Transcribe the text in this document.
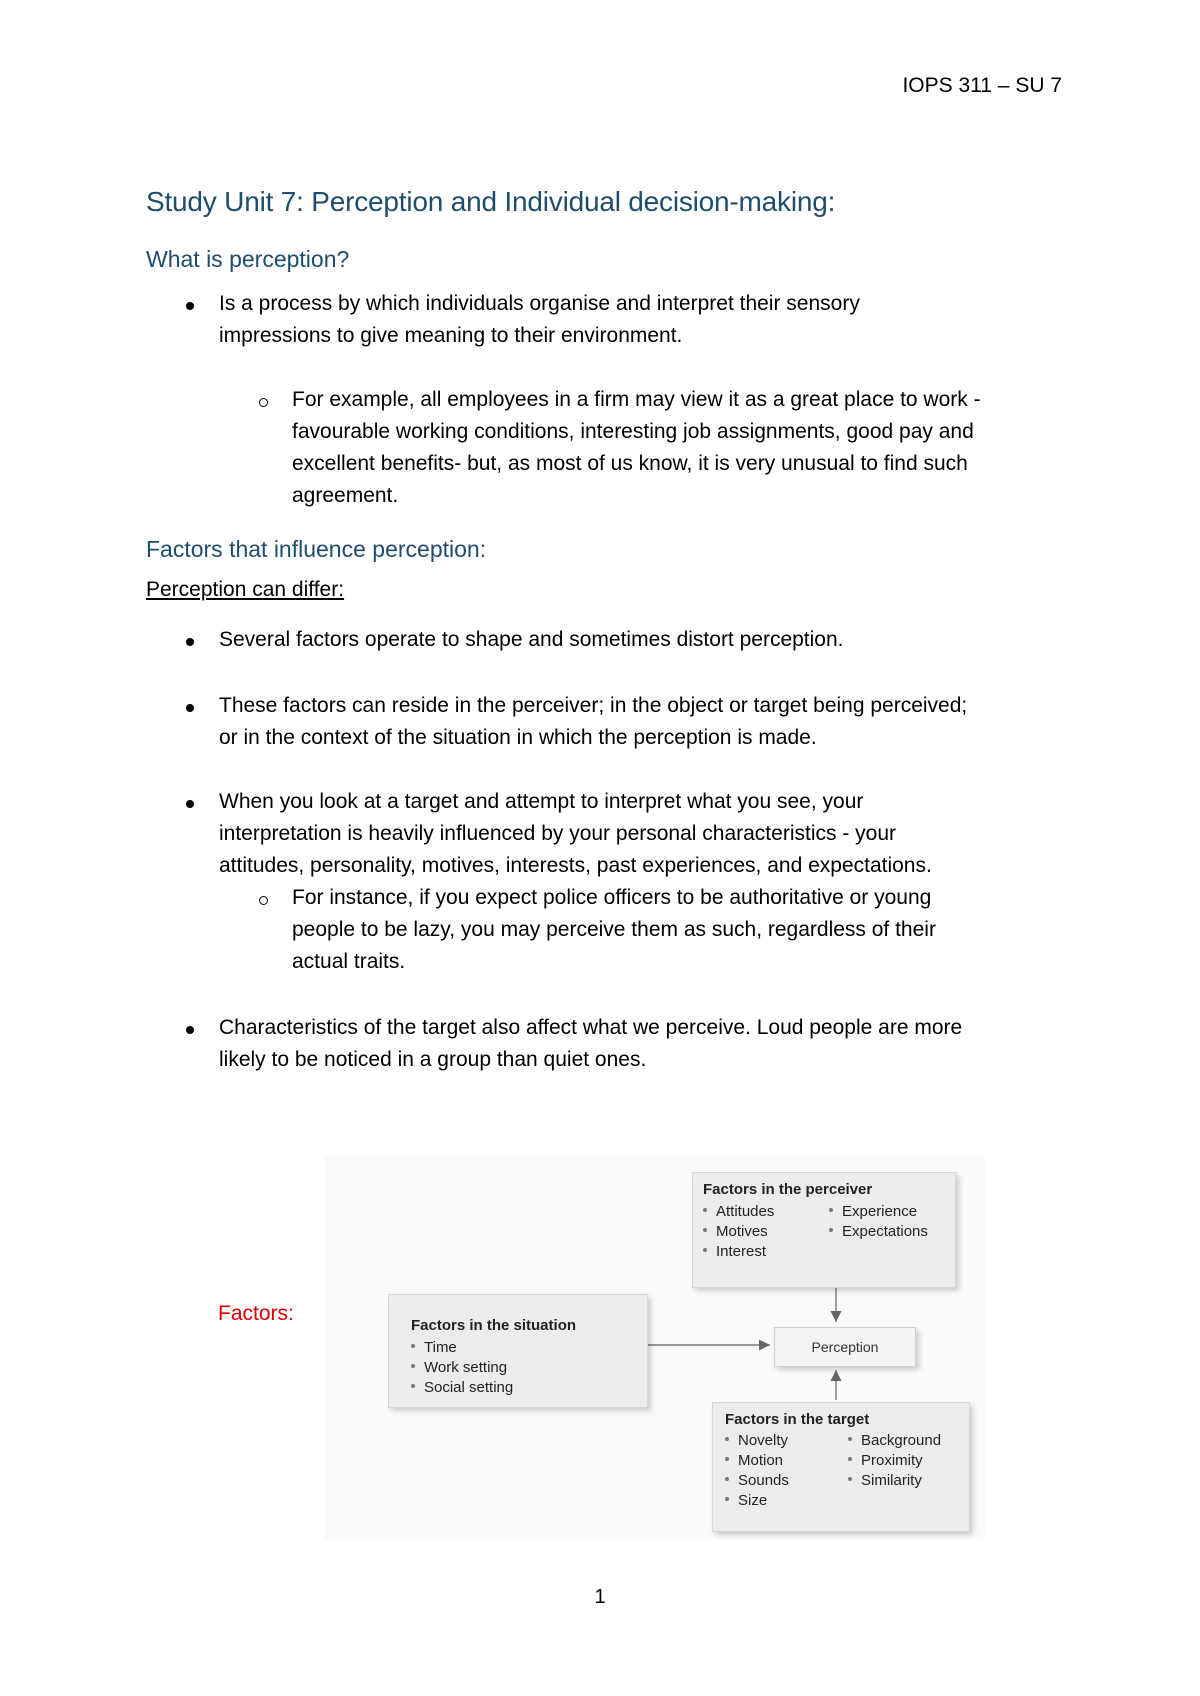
IOPS 311 – SU 7
Study Unit 7: Perception and Individual decision-making:
What is perception?
Is a process by which individuals organise and interpret their sensory
impressions to give meaning to their environment.
For example, all employees in a firm may view it as a great place to work -
favourable working conditions, interesting job assignments, good pay and
excellent benefits- but, as most of us know, it is very unusual to find such
agreement.
Factors that influence perception:
Perception can differ:
Several factors operate to shape and sometimes distort perception.
These factors can reside in the perceiver; in the object or target being perceived;
or in the context of the situation in which the perception is made.
When you look at a target and attempt to interpret what you see, your
interpretation is heavily influenced by your personal characteristics - your
attitudes, personality, motives, interests, past experiences, and expectations.
For instance, if you expect police officers to be authoritative or young
people to be lazy, you may perceive them as such, regardless of their
actual traits.
Characteristics of the target also affect what we perceive. Loud people are more
likely to be noticed in a group than quiet ones.
Factors:
Factors in the perceiver
Attitudes
Motives
Interest
Experience
Expectations
Factors in the situation
Time
Work setting
Social setting
Perception
Factors in the target
Novelty
Motion
Sounds
Size
Background
Proximity
Similarity
1
